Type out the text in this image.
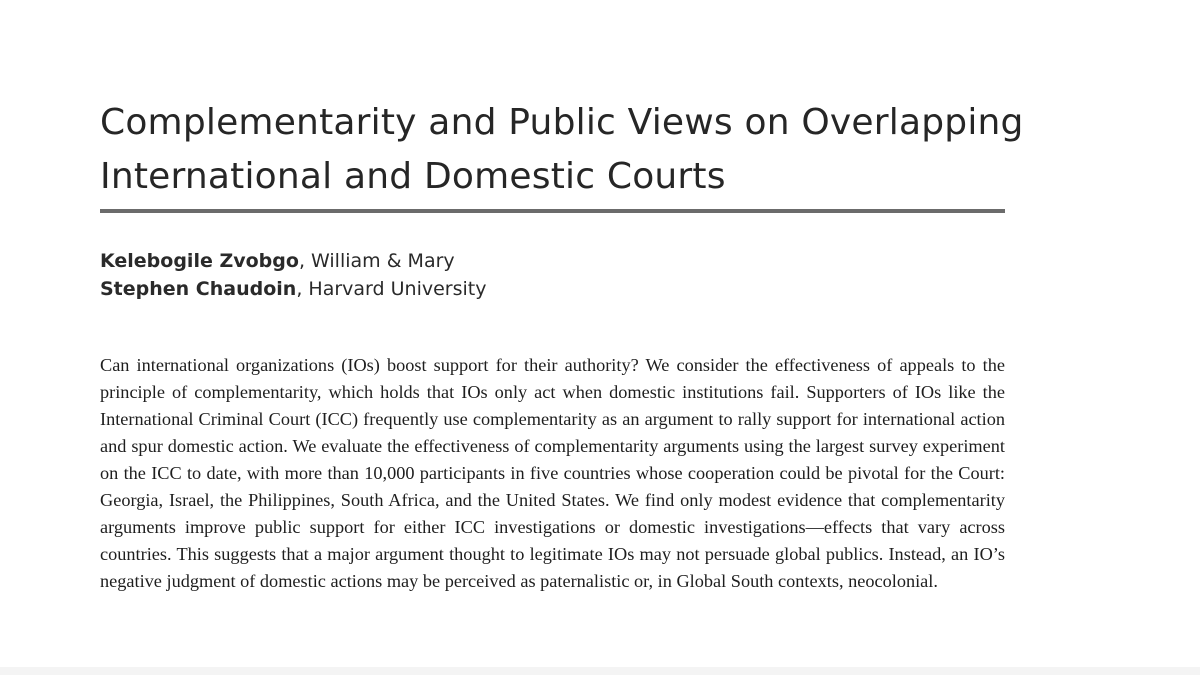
Complementarity and Public Views on Overlapping International and Domestic Courts
Kelebogile Zvobgo, William & Mary
Stephen Chaudoin, Harvard University

Can international organizations (IOs) boost support for their authority? We consider the effectiveness of appeals to the principle of complementarity, which holds that IOs only act when domestic institutions fail. Supporters of IOs like the International Criminal Court (ICC) frequently use complementarity as an argument to rally support for international action and spur domestic action. We evaluate the effectiveness of complementarity arguments using the largest survey experiment on the ICC to date, with more than 10,000 participants in five countries whose cooperation could be pivotal for the Court: Georgia, Israel, the Philippines, South Africa, and the United States. We find only modest evidence that complementarity arguments improve public support for either ICC investigations or domestic investigations—effects that vary across countries. This suggests that a major argument thought to legitimate IOs may not persuade global publics. Instead, an IO’s negative judgment of domestic actions may be perceived as paternalistic or, in Global South contexts, neocolonial.
